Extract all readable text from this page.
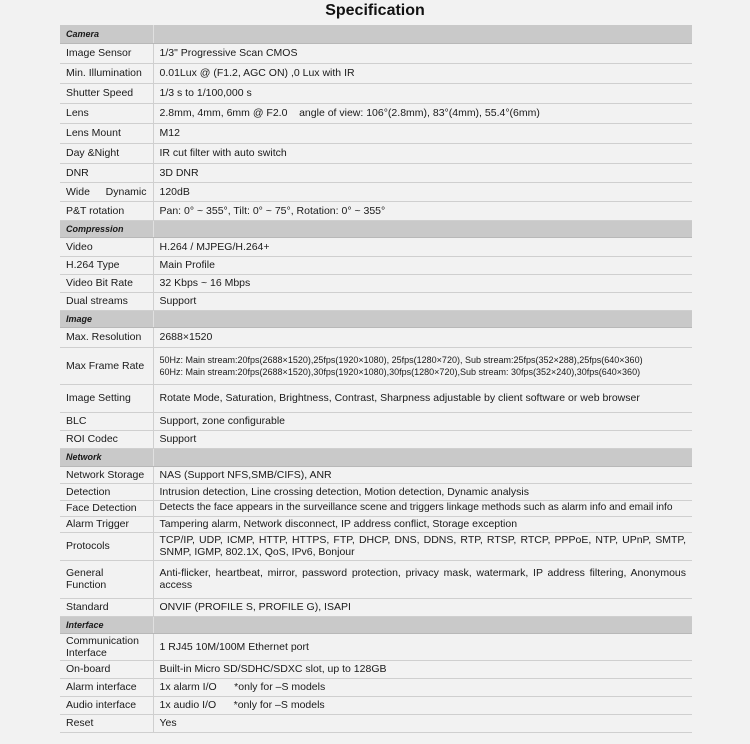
Specification
Camera	
Image Sensor	1/3" Progressive Scan CMOS
Min. Illumination	0.01Lux @ (F1.2, AGC ON) ,0 Lux with IR
Shutter Speed	1/3 s to 1/100,000 s
Lens	2.8mm, 4mm, 6mm @ F2.0    angle of view: 106°(2.8mm), 83°(4mm), 55.4°(6mm)
Lens Mount	M12
Day &Night	IR cut filter with auto switch
DNR	3D DNR

Wide Dynamic	120dB
P&T rotation	Pan: 0° ~ 355°, Tilt: 0° ~ 75°, Rotation: 0° ~ 355°
Compression	

Video	H.264 / MJPEG/H.264+
H.264 Type	Main Profile
Video Bit Rate	32 Kbps ~ 16 Mbps
Dual streams	Support
Image	
Max. Resolution	2688×1520
Max Frame Rate	50Hz: Main stream:20fps(2688×1520),25fps(1920×1080), 25fps(1280×720), Sub stream:25fps(352×288),25fps(640×360)
60Hz: Main stream:20fps(2688×1520),30fps(1920×1080),30fps(1280×720),Sub stream: 30fps(352×240),30fps(640×360)

Image Setting	Rotate Mode, Saturation, Brightness, Contrast, Sharpness adjustable by client software or web browser
BLC	Support, zone configurable
ROI Codec	Support
Network	
Network Storage	NAS (Support NFS,SMB/CIFS), ANR
Detection	Intrusion detection, Line crossing detection, Motion detection, Dynamic analysis
Face Detection	Detects the face appears in the surveillance scene and triggers linkage methods such as alarm info and email info
Alarm Trigger	Tampering alarm, Network disconnect, IP address conflict, Storage exception
Protocols	TCP/IP, UDP, ICMP, HTTP, HTTPS, FTP, DHCP, DNS, DDNS, RTP, RTSP, RTCP, PPPoE, NTP, UPnP, SMTP, SNMP, IGMP, 802.1X, QoS, IPv6, Bonjour
General Function	Anti-flicker, heartbeat, mirror, password protection, privacy mask, watermark, IP address filtering, Anonymous access
Standard	ONVIF (PROFILE S, PROFILE G), ISAPI
Interface	
Communication Interface	1 RJ45 10M/100M Ethernet port

On-board	Built-in Micro SD/SDHC/SDXC slot, up to 128GB
Alarm interface	1x alarm I/O      *only for –S models
Audio interface	1x audio I/O      *only for –S models
Reset	Yes
